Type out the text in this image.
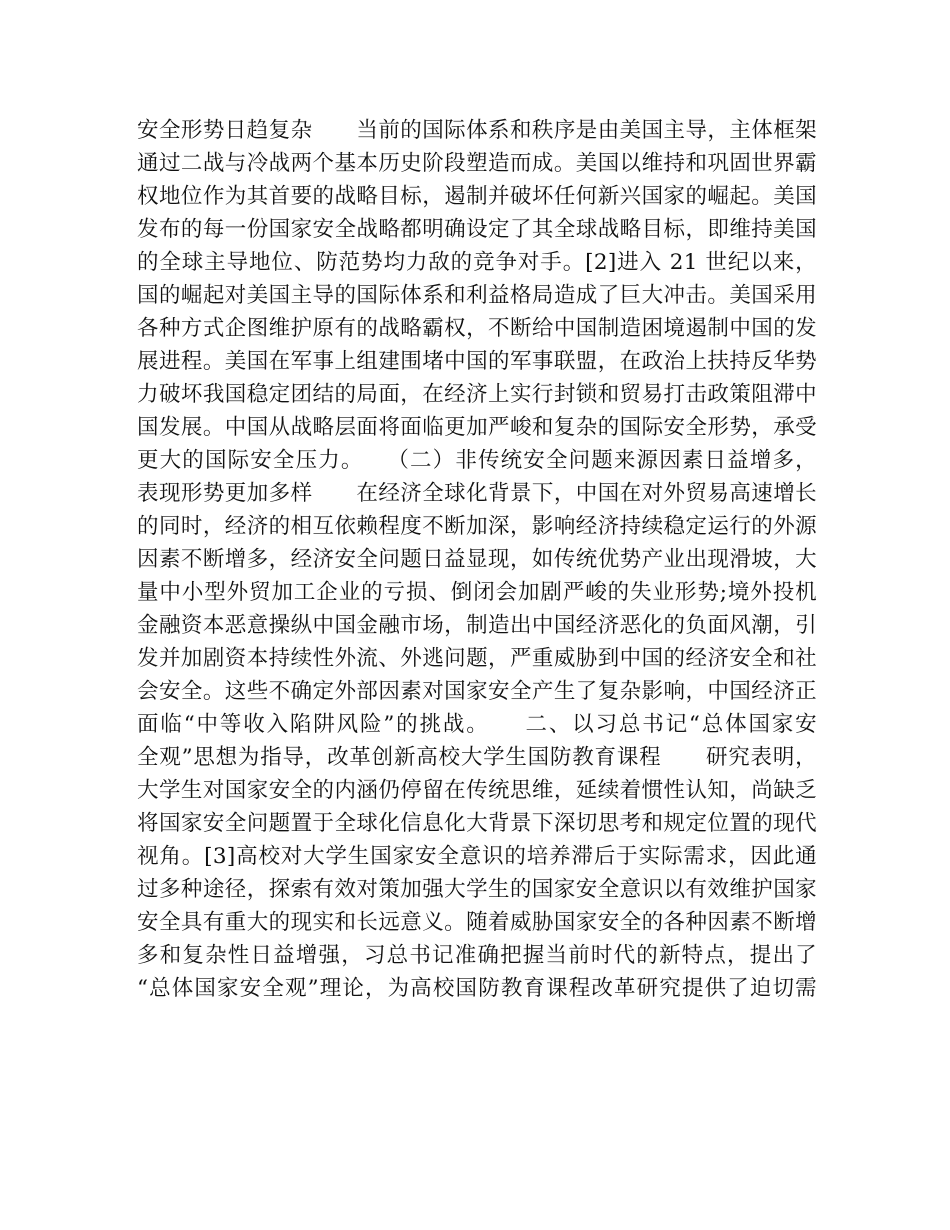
安全形势日趋复杂　　当前的国际体系和秩序是由美国主导，主体框架
通过二战与冷战两个基本历史阶段塑造而成。美国以维持和巩固世界霸
权地位作为其首要的战略目标，遏制并破坏任何新兴国家的崛起。美国
发布的每一份国家安全战略都明确设定了其全球战略目标，即维持美国
的全球主导地位、防范势均力敌的竞争对手。[2]进入 21 世纪以来，
国的崛起对美国主导的国际体系和利益格局造成了巨大冲击。美国采用
各种方式企图维护原有的战略霸权，不断给中国制造困境遏制中国的发
展进程。美国在军事上组建围堵中国的军事联盟，在政治上扶持反华势
力破坏我国稳定团结的局面，在经济上实行封锁和贸易打击政策阻滞中
国发展。中国从战略层面将面临更加严峻和复杂的国际安全形势，承受
更大的国际安全压力。　　（二）非传统安全问题来源因素日益增多，
表现形势更加多样　　在经济全球化背景下，中国在对外贸易高速增长
的同时，经济的相互依赖程度不断加深，影响经济持续稳定运行的外源
因素不断增多，经济安全问题日益显现，如传统优势产业出现滑坡，大
量中小型外贸加工企业的亏损、倒闭会加剧严峻的失业形势;境外投机
金融资本恶意操纵中国金融市场，制造出中国经济恶化的负面风潮，引
发并加剧资本持续性外流、外逃问题，严重威胁到中国的经济安全和社
会安全。这些不确定外部因素对国家安全产生了复杂影响，中国经济正
面临“中等收入陷阱风险”的挑战。　　二、以习总书记“总体国家安
全观”思想为指导，改革创新高校大学生国防教育课程　　研究表明，
大学生对国家安全的内涵仍停留在传统思维，延续着惯性认知，尚缺乏
将国家安全问题置于全球化信息化大背景下深切思考和规定位置的现代
视角。[3]高校对大学生国家安全意识的培养滞后于实际需求，因此通
过多种途径，探索有效对策加强大学生的国家安全意识以有效维护国家
安全具有重大的现实和长远意义。随着威胁国家安全的各种因素不断增
多和复杂性日益增强，习总书记准确把握当前时代的新特点，提出了
“总体国家安全观”理论，为高校国防教育课程改革研究提供了迫切需
